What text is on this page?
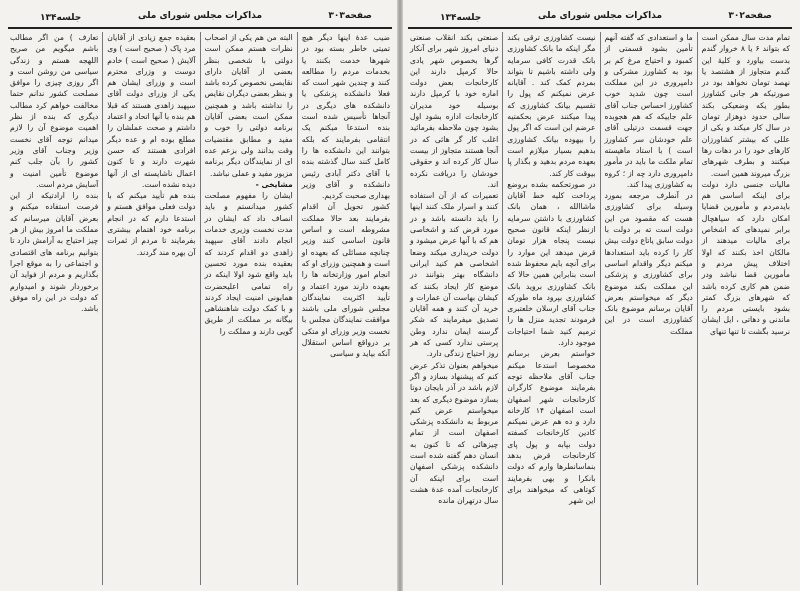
صفحه۳۰۲
مذاکرات مجلس شورای ملی
جلسه۱۳۴

تمام مدت سال ممکن است که بتواند ۶ یا ۸ خروار گندم بدست بیاورد و کلیهٔ این گندم متجاوز از هشتصد یا نهصد تومان نخواهد بود در صورتیکه هر جانی کشاورز بطور یکه وضعیکی بکند سالی حدود دوهزار تومان در سال کار میکند و یکی از عللی که بیشتر کشاورزان کارهای خود را در دهات رها میکنند و بطرف شهرهای بزرگ میروند همین است.

مالیات جنسی دارد دولت برای اینکه اساسی هم بایدمردم و مأمورین قضایا امکان دارد که سیاهچال برابر نمیدهای که اشخاص برای مالیات میدهند از مالکان اخذ بکنند که اولا اختلاف پیش مردم و مأمورین قضا نباشد ودر ضمن هم کاری کرده باشد که شهرهای بزرگ کمتر بشود بایستی مردم را ماندنی و دهاتی ، ایل ایشان نرسید بگشت تا تنها تنهای

ما و استعدادی که گفته آنهم تأمین بشود قسمتی از کمبود و احتیاج مرغ کم بر بود به کشاورز مشرکی و دامپروری در این مملکت است چون شدید خوب کشاورز احساس جناب آقای علم جاییکه که هم هجوبده جهت قسمت درتیلی آقای علم خودشان سر کشاورز است ) با استاد ماهیسته تمام ملکت ما باید در مأمور دامپروری دارد چه از ؛ کروه به کشاورزی پیدا کند.

در آنطرف مرجعه بمورد وسیله برای کشاورزی هست که مقصود من این دولت است ته بر دولت با دولت سابق یاتاع دولت بیش کار را کرده باید استعدادها میکنم دیگر واقدام اساسی برای کشاورزی و پزشکی این مملکت بکند موضوع دیگر که میخواستم بعرض آقایان برسانم موضوع بانک کشاورزی است در این مملکت

نیست کشاورزی ترقی بکند مگر اینکه ما بانک کشاورزی بانک قدرت کافی سرمایه ولی داشته باشیم تا بتواند بمردم کمک کند . آقایانه عرض نمیکنم که پول را تقسیم بیانک کشاورزی که پیدا میکنند عرض بحکمتیه عرضم این است که اگر پول را بیهوده بیانک کشاورزی بدهیم بسیار میلازم است بعهده مردم بدهید و بگذار پا بیوقت کار کند.

در صورتحکمه بشده بروضع پرداخت کلیه خط آقایان ماشاالله ، همان بانک کشاورزی با داشتن سرمایه ازنظر اینکه قانون صحیح نیست پنجاه هزار تومان قرض میدهد این موارد را برای آنچه بایم محفوظ شده است بنابراین همین حالا که بانک کشاورزی بروید بانک کشاورزی بپرود ماه طورکه جناب آقای ارسلان خلعتبری فرمودند تجدید منزل ها را ترمیم کنید شما احتیاجات موجود دارد.

خواستم بعرض برسانم مخصوصا استدعا میکنم جناب آقای ملاحظه توجه بفرمایند موضوع کارگران کارخانجات شهر اصفهان است اصفهان ۱۴ کارخانه دارد و ده هم عرض نمیکنم کادین کارخانجات کصفته دولت بپابه و پول پای کارخانجات قرض بدهد بنماسانطرها وارم که دولت بانکرا و بهی بفرمایند کوتاهی که میخواهند برای این شهر

صنعتی بکند انقلاب صنعتی دنیای امروز شهر برای آنکار گرها بخصوص شهر یادی حالا کرمپل دارند این کارخانجات بعض دولت اماره خود با کرمپل دارند بوسیله خود مدیران کارخانجات اداره بشود اول بشود چون ملاحظه بفرمائید اغلب کار گر هائی که در آنجا هستند متجاوز از بیست سال کار کرده اند و حقوقی خودشان را دریافت نکرده اند.

تعمیرات که از آن استفاده کنند و اسرار ملک کنند اینها را باید دانسته باشد و در مورد قرض کند و اشخاصی هم که با آنها عرض میشود و دولت خریداری میکند وضعا اشخاصی هم کنید ایرانی دانشگاه بهتر بتوانند در موضع کار ایجاد بکنند که کیشان بهاست آن عمارات و خرید آن کنند و همه آقایان تصدیق میفرمایند که شکر گرسنه ایمان ندارد وطن پرستی ندارد کسی که هر روز احتیاج زندگی دارد.

میخواهم بعنوان تذکر عرض کنم که پیشنهاد بسازد و اگر لازم باشد در آذر بایجان دوتا بسازد موضوع دیگری که بعد میخواستم عرض کنم مربوط به دانشکده پزشکی اصفهان است از تمام چیزهائی که تا کنون به انسان دهم گفته شده است دانشکده پزشکی اصفهان است برای اینکه آن کارخانجات آمده عدهٔ هشت سال درتهران مانده

صفحه۳۰۳
مذاکرات مجلس شورای ملی
جلسه۱۳۴

ضیب عدهٔ اینها دیگر هیچ تمیتی خاطر بسته بود در شهرها خدمت بکنند یا بخدمات مردم را مطالعه کنند و چندین شهر است که فعلا دانشکده پزشکی یا دانشکده های دیگری در آنجاها تأسیس شده است بنده استدعا میکنم یک انتقامی بفرمایند که بلکه بتوانند این دانشکده ها را کامل کنند سال گذشته بنده با آقای دکتر آبادی رئیس دانشکده و آقای وزیر بهداری صحبت کردیم.

کشور تحویل آن اقدام بفرمایند بعد حالا مملکت مشروطه است و اساس قانون اساسی کنند وزیر چنانچه مسائلی که بعهده او است و همچنین وزرای او که انجام امور وزارتخانه ها را بعهده دارند مورد اعتماد و تأیید اکثریت نمایندگان مجلس شورای ملی باشند موافقت نمایندگان مجلس با نخست وزیر وزرای او متکی بر درواقع اساس استقلال آنکه بیاید و سیاسی

البته من هم یکی از اصحاب نظرات هستم ممکن است دولتی با شخصی بنظر بعضی از آقایان دارای نقایصی نخصوص کرده باشد و بنظر بعضی دیگران نقایص را نداشته باشد و همچنین ممکن است بعضی آقایان برنامه دولتی را خوب و مفید و مطابق مقتضیات وقت بدانند ولی بزعم عده ای از نمایندگان دیگر برنامه مزبور مفید و عملی نباشد.

مشایخی -

ایشان را مفهوم مصلحت کشور میدانستم و باید انصاف داد که ایشان در مدت نخست وزیری خدمات انجام دادند آقای سپهبد زاهدی دو اقدام کردند که بعقیده بنده مورد تحسین باید واقع شود اولا اینکه در راه تمامی اعلیحضرت همایونی امنیت ایجاد کردند و با کمک دولت شاهنشاهی بیگانه بر مملکت از طریق گویی دارند و مملکت را

بعقیده جمع زیادی از آقایان مرد پاک ( صحیح است ) وی آلایش ( صحیح است ) خادم دوست و وزرای محترم است و وزرای ایشان هم یکی از وزرای دولت آقای سپهبد زاهدی هستند که قبلا هم بنده با آنها اتحاد و اعتماد داشتم و صحت عملشان را مطلع بوده ام و عده دیگر افرادی هستند که حسن شهرت دارند و تا کنون اعمال ناشایسته ای از آنها دیده نشده است.

بنده هم تأیید میکنم که با دولت فعلی موافق هستم و استدعا دارم که در انجام برنامه خود اهتمام بیشتری بفرمایند تا مردم از ثمرات آن بهره مند گردند.

تعارف ) من اگر مطالب باشم میگویم من صریح اللهجه هستم و زندگی سیاسی من روشن است و اگر روزی چیزی را موافق مصلحت کشور ندانم حتما مخالفت خواهم کرد مطالب دیگری که بنده از نظر اهمیت موضوع آن را لازم میدانم توجه آقای نخست وزیر وجناب آقای وزیر کشور را بآن جلب کنم موضوع تأمین امنیت و آسایش مردم است.

بنده را ارادتیکه از این فرصت استفاده میکنم و بعرض آقایان میرسانم که مملکت ما امروز بیش از هر چیز احتیاج به آرامش دارد تا بتوانیم برنامه های اقتصادی و اجتماعی را به موقع اجرا بگذاریم و مردم از فواید آن برخوردار شوند و امیدوارم که دولت در این راه موفق باشد.
